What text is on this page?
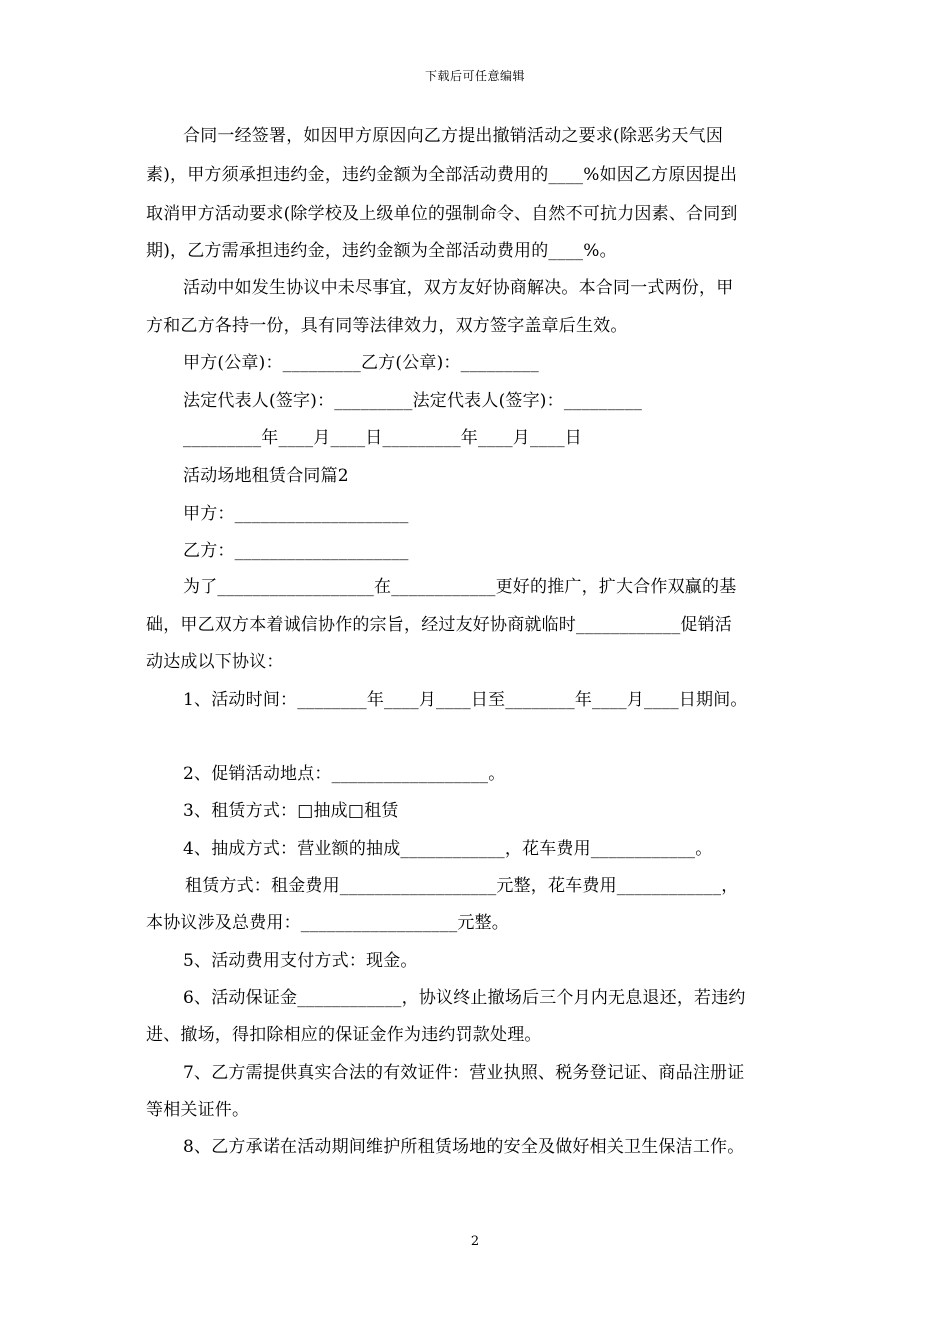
下载后可任意编辑
合同一经签署，如因甲方原因向乙方提出撤销活动之要求(除恶劣天气因
素)，甲方须承担违约金，违约金额为全部活动费用的____%如因乙方原因提出
取消甲方活动要求(除学校及上级单位的强制命令、自然不可抗力因素、合同到
期)，乙方需承担违约金，违约金额为全部活动费用的____%。
活动中如发生协议中未尽事宜，双方友好协商解决。本合同一式两份，甲
方和乙方各持一份，具有同等法律效力，双方签字盖章后生效。
甲方(公章)：_________乙方(公章)：_________
法定代表人(签字)：_________法定代表人(签字)：_________
_________年____月____日_________年____月____日
活动场地租赁合同篇2
甲方：____________________
乙方：____________________
为了__________________在____________更好的推广，扩大合作双赢的基
础，甲乙双方本着诚信协作的宗旨，经过友好协商就临时____________促销活
动达成以下协议：
1、活动时间：________年____月____日至________年____月____日期间。
2、促销活动地点：__________________。
3、租赁方式：□抽成□租赁
4、抽成方式：营业额的抽成____________，花车费用____________。
租赁方式：租金费用__________________元整，花车费用____________，
本协议涉及总费用：__________________元整。
5、活动费用支付方式：现金。
6、活动保证金____________，协议终止撤场后三个月内无息退还，若违约
进、撤场，得扣除相应的保证金作为违约罚款处理。
7、乙方需提供真实合法的有效证件：营业执照、税务登记证、商品注册证
等相关证件。
8、乙方承诺在活动期间维护所租赁场地的安全及做好相关卫生保洁工作。
2
